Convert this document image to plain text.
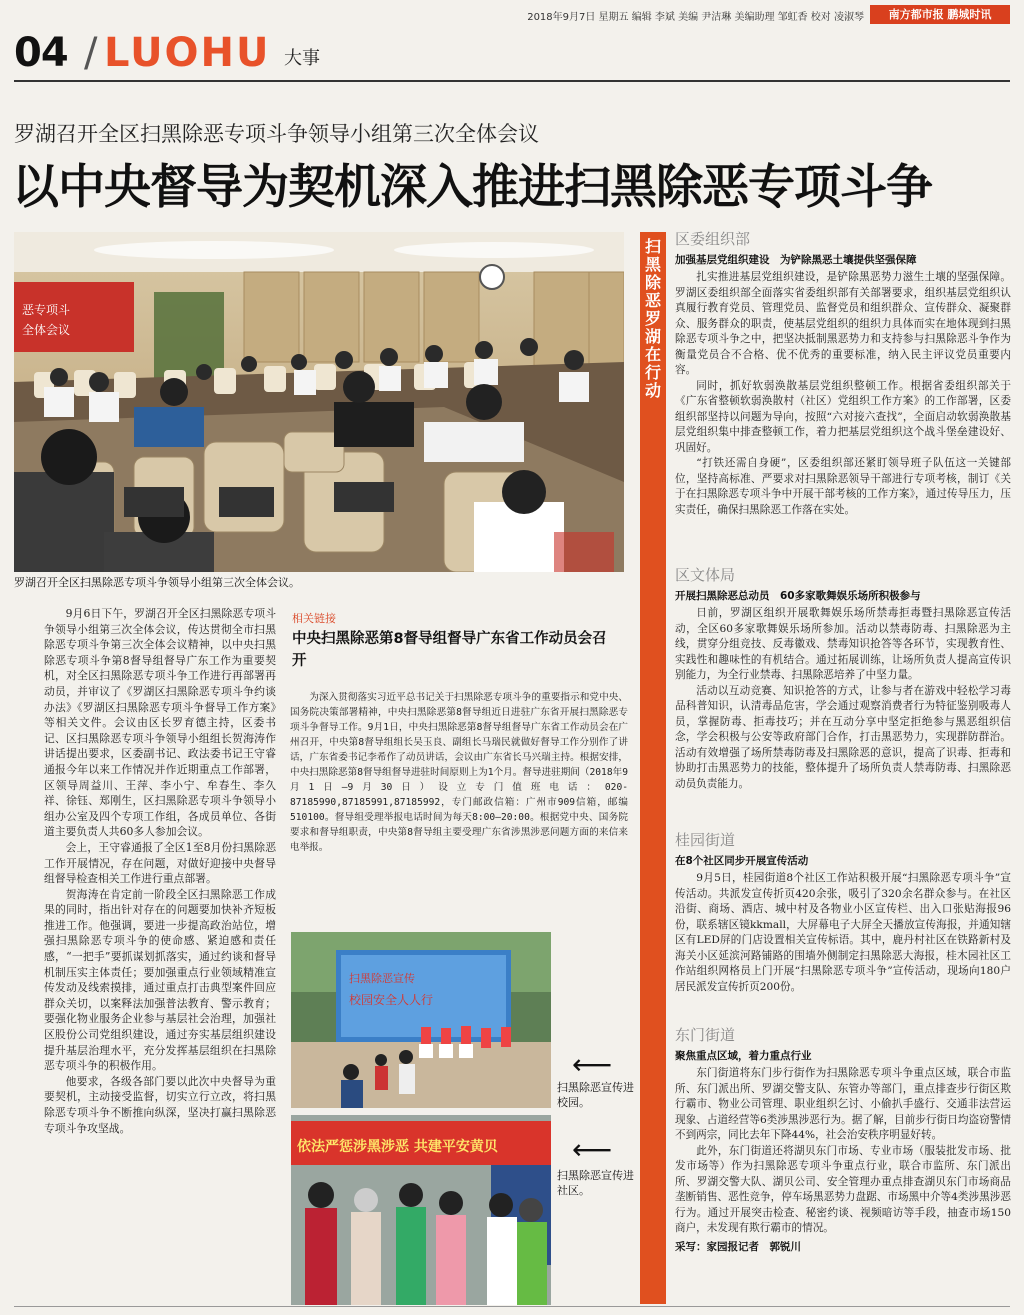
2018年9月7日 星期五 编辑 李斌 美编 尹洁琳 美编助理 邹虹香 校对 凌淑琴	南方都市报 鹏城时讯
04 / LUOHU 大事
罗湖召开全区扫黑除恶专项斗争领导小组第三次全体会议
以中央督导为契机深入推进扫黑除恶专项斗争
恶专项斗
全体会议
罗湖召开全区扫黑除恶专项斗争领导小组第三次全体会议。

9月6日下午，罗湖召开全区扫黑除恶专项斗争领导小组第三次全体会议，传达贯彻全市扫黑除恶专项斗争第三次全体会议精神，以中央扫黑除恶专项斗争第8督导组督导广东工作为重要契机，对全区扫黑除恶专项斗争工作进行再部署再动员，并审议了《罗湖区扫黑除恶专项斗争约谈办法》《罗湖区扫黑除恶专项斗争督导工作方案》等相关文件。会议由区长罗育德主持，区委书记、区扫黑除恶专项斗争领导小组组长贺海涛作讲话提出要求，区委副书记、政法委书记王守睿通报今年以来工作情况并作近期重点工作部署，区领导周益川、王萍、李小宁、牟春生、李久祥、徐钰、郑刚生，区扫黑除恶专项斗争领导小组办公室及四个专项工作组，各成员单位、各街道主要负责人共60多人参加会议。

会上，王守睿通报了全区1至8月份扫黑除恶工作开展情况，存在问题，对做好迎接中央督导组督导检查相关工作进行重点部署。

贺海涛在肯定前一阶段全区扫黑除恶工作成果的同时，指出针对存在的问题要加快补齐短板推进工作。他强调，要进一步提高政治站位，增强扫黑除恶专项斗争的使命感、紧迫感和责任感，“一把手”要抓谋划抓落实，通过约谈和督导机制压实主体责任；要加强重点行业领域精准宣传发动及线索摸排，通过重点打击典型案件回应群众关切，以案释法加强普法教育、警示教育；要强化物业服务企业参与基层社会治理，加强社区股份公司党组织建设，通过夯实基层组织建设提升基层治理水平，充分发挥基层组织在扫黑除恶专项斗争的积极作用。

他要求，各级各部门要以此次中央督导为重要契机，主动接受监督，切实立行立改，将扫黑除恶专项斗争不断推向纵深，坚决打赢扫黑除恶专项斗争攻坚战。

相关链接
中央扫黑除恶第8督导组督导广东省工作动员会召开
为深入贯彻落实习近平总书记关于扫黑除恶专项斗争的重要指示和党中央、国务院决策部署精神，中央扫黑除恶第8督导组近日进驻广东省开展扫黑除恶专项斗争督导工作。9月1日，中央扫黑除恶第8督导组督导广东省工作动员会在广州召开，中央第8督导组组长吴玉良、副组长马瑞民就做好督导工作分别作了讲话，广东省委书记李希作了动员讲话，会议由广东省长马兴瑞主持。根据安排，中央扫黑除恶第8督导组督导进驻时间原则上为1个月。督导进驻期间（2018年9月1日—9月30日）设立专门值班电话：020-87185990,87185991,87185992，专门邮政信箱：广州市909信箱，邮编510100。督导组受理举报电话时间为每天8:00—20:00。根据党中央、国务院要求和督导组职责，中央第8督导组主要受理广东省涉黑涉恶问题方面的来信来电举报。
扫黑除恶宣传
校园安全人人行
⟵
扫黑除恶宣传进校园。
依法严惩涉黑涉恶 共建平安黄贝	⟵
扫黑除恶宣传进社区。
扫黑除恶 罗湖在行动
区委组织部
加强基层党组织建设　为铲除黑恶土壤提供坚强保障

扎实推进基层党组织建设，是铲除黑恶势力滋生土壤的坚强保障。罗湖区委组织部全面落实省委组织部有关部署要求，组织基层党组织认真履行教育党员、管理党员、监督党员和组织群众、宣传群众、凝聚群众、服务群众的职责，使基层党组织的组织力具体而实在地体现到扫黑除恶专项斗争之中，把坚决抵制黑恶势力和支持参与扫黑除恶斗争作为衡量党员合不合格、优不优秀的重要标准，纳入民主评议党员重要内容。

同时，抓好软弱涣散基层党组织整顿工作。根据省委组织部关于《广东省整顿软弱涣散村（社区）党组织工作方案》的工作部署，区委组织部坚持以问题为导向，按照“六对接六查找”，全面启动软弱涣散基层党组织集中排查整顿工作，着力把基层党组织这个战斗堡垒建设好、巩固好。

“打铁还需自身硬”，区委组织部还紧盯领导班子队伍这一关键部位，坚持高标准、严要求对扫黑除恶领导干部进行专项考核，制订《关于在扫黑除恶专项斗争中开展干部考核的工作方案》，通过传导压力，压实责任，确保扫黑除恶工作落在实处。

区文体局
开展扫黑除恶总动员　60多家歌舞娱乐场所积极参与

日前，罗湖区组织开展歌舞娱乐场所禁毒拒毒暨扫黑除恶宣传活动，全区60多家歌舞娱乐场所参加。活动以禁毒防毒、扫黑除恶为主线，贯穿分组竞技、反毒徽戏、禁毒知识抢答等各环节，实现教育性、实践性和趣味性的有机结合。通过拓展训练，让场所负责人提高宣传识别能力，为全行业禁毒、扫黑除恶培养了中坚力量。

活动以互动竞赛、知识抢答的方式，让参与者在游戏中轻松学习毒品科普知识，认清毒品危害，学会通过观察消费者行为特征鉴别吸毒人员，掌握防毒、拒毒技巧；并在互动分享中坚定拒绝参与黑恶组织信念，学会积极与公安等政府部门合作，打击黑恶势力，实现群防群治。活动有效增强了场所禁毒防毒及扫黑除恶的意识，提高了识毒、拒毒和协助打击黑恶势力的技能，整体提升了场所负责人禁毒防毒、扫黑除恶动员负责能力。

桂园街道
在8个社区同步开展宣传活动

9月5日，桂园街道8个社区工作站积极开展“扫黑除恶专项斗争”宣传活动。共派发宣传折页420余张，吸引了320余名群众参与。在社区沿街、商场、酒店、城中村及各物业小区宣传栏、出入口张贴海报96份，联系辖区镜kkmall，大屏幕电子大屏全天播放宣传海报，并通知辖区有LED屏的门店设置相关宣传标语。其中，鹿丹村社区在铁路新村及海关小区延滨河路铺路的围墙外侧制定扫黑除恶大海报，桂木园社区工作站组织网格员上门开展“扫黑除恶专项斗争”宣传活动，现场向180户居民派发宣传折页200份。

东门街道
聚焦重点区域，着力重点行业

东门街道将东门步行街作为扫黑除恶专项斗争重点区域，联合市监所、东门派出所、罗湖交警支队、东管办等部门，重点排查步行街区欺行霸市、物业公司管理、职业组织乞讨、小偷扒手盛行、交通非法营运现象、占道经营等6类涉黑涉恶行为。据了解，目前步行街日均盗窃警情不到两宗，同比去年下降44%，社会治安秩序明显好转。

此外，东门街道还将湖贝东门市场、专业市场（服装批发市场、批发市场等）作为扫黑除恶专项斗争重点行业，联合市监所、东门派出所、罗湖交警大队、湖贝公司、安全管理办重点排查湖贝东门市场商品垄断销售、恶性竞争，停车场黑恶势力盘踞、市场黑中介等4类涉黑涉恶行为。通过开展突击检查、秘密约谈、视频暗访等手段，抽查市场150商户，未发现有欺行霸市的情况。

采写：家园报记者　郭锐川
